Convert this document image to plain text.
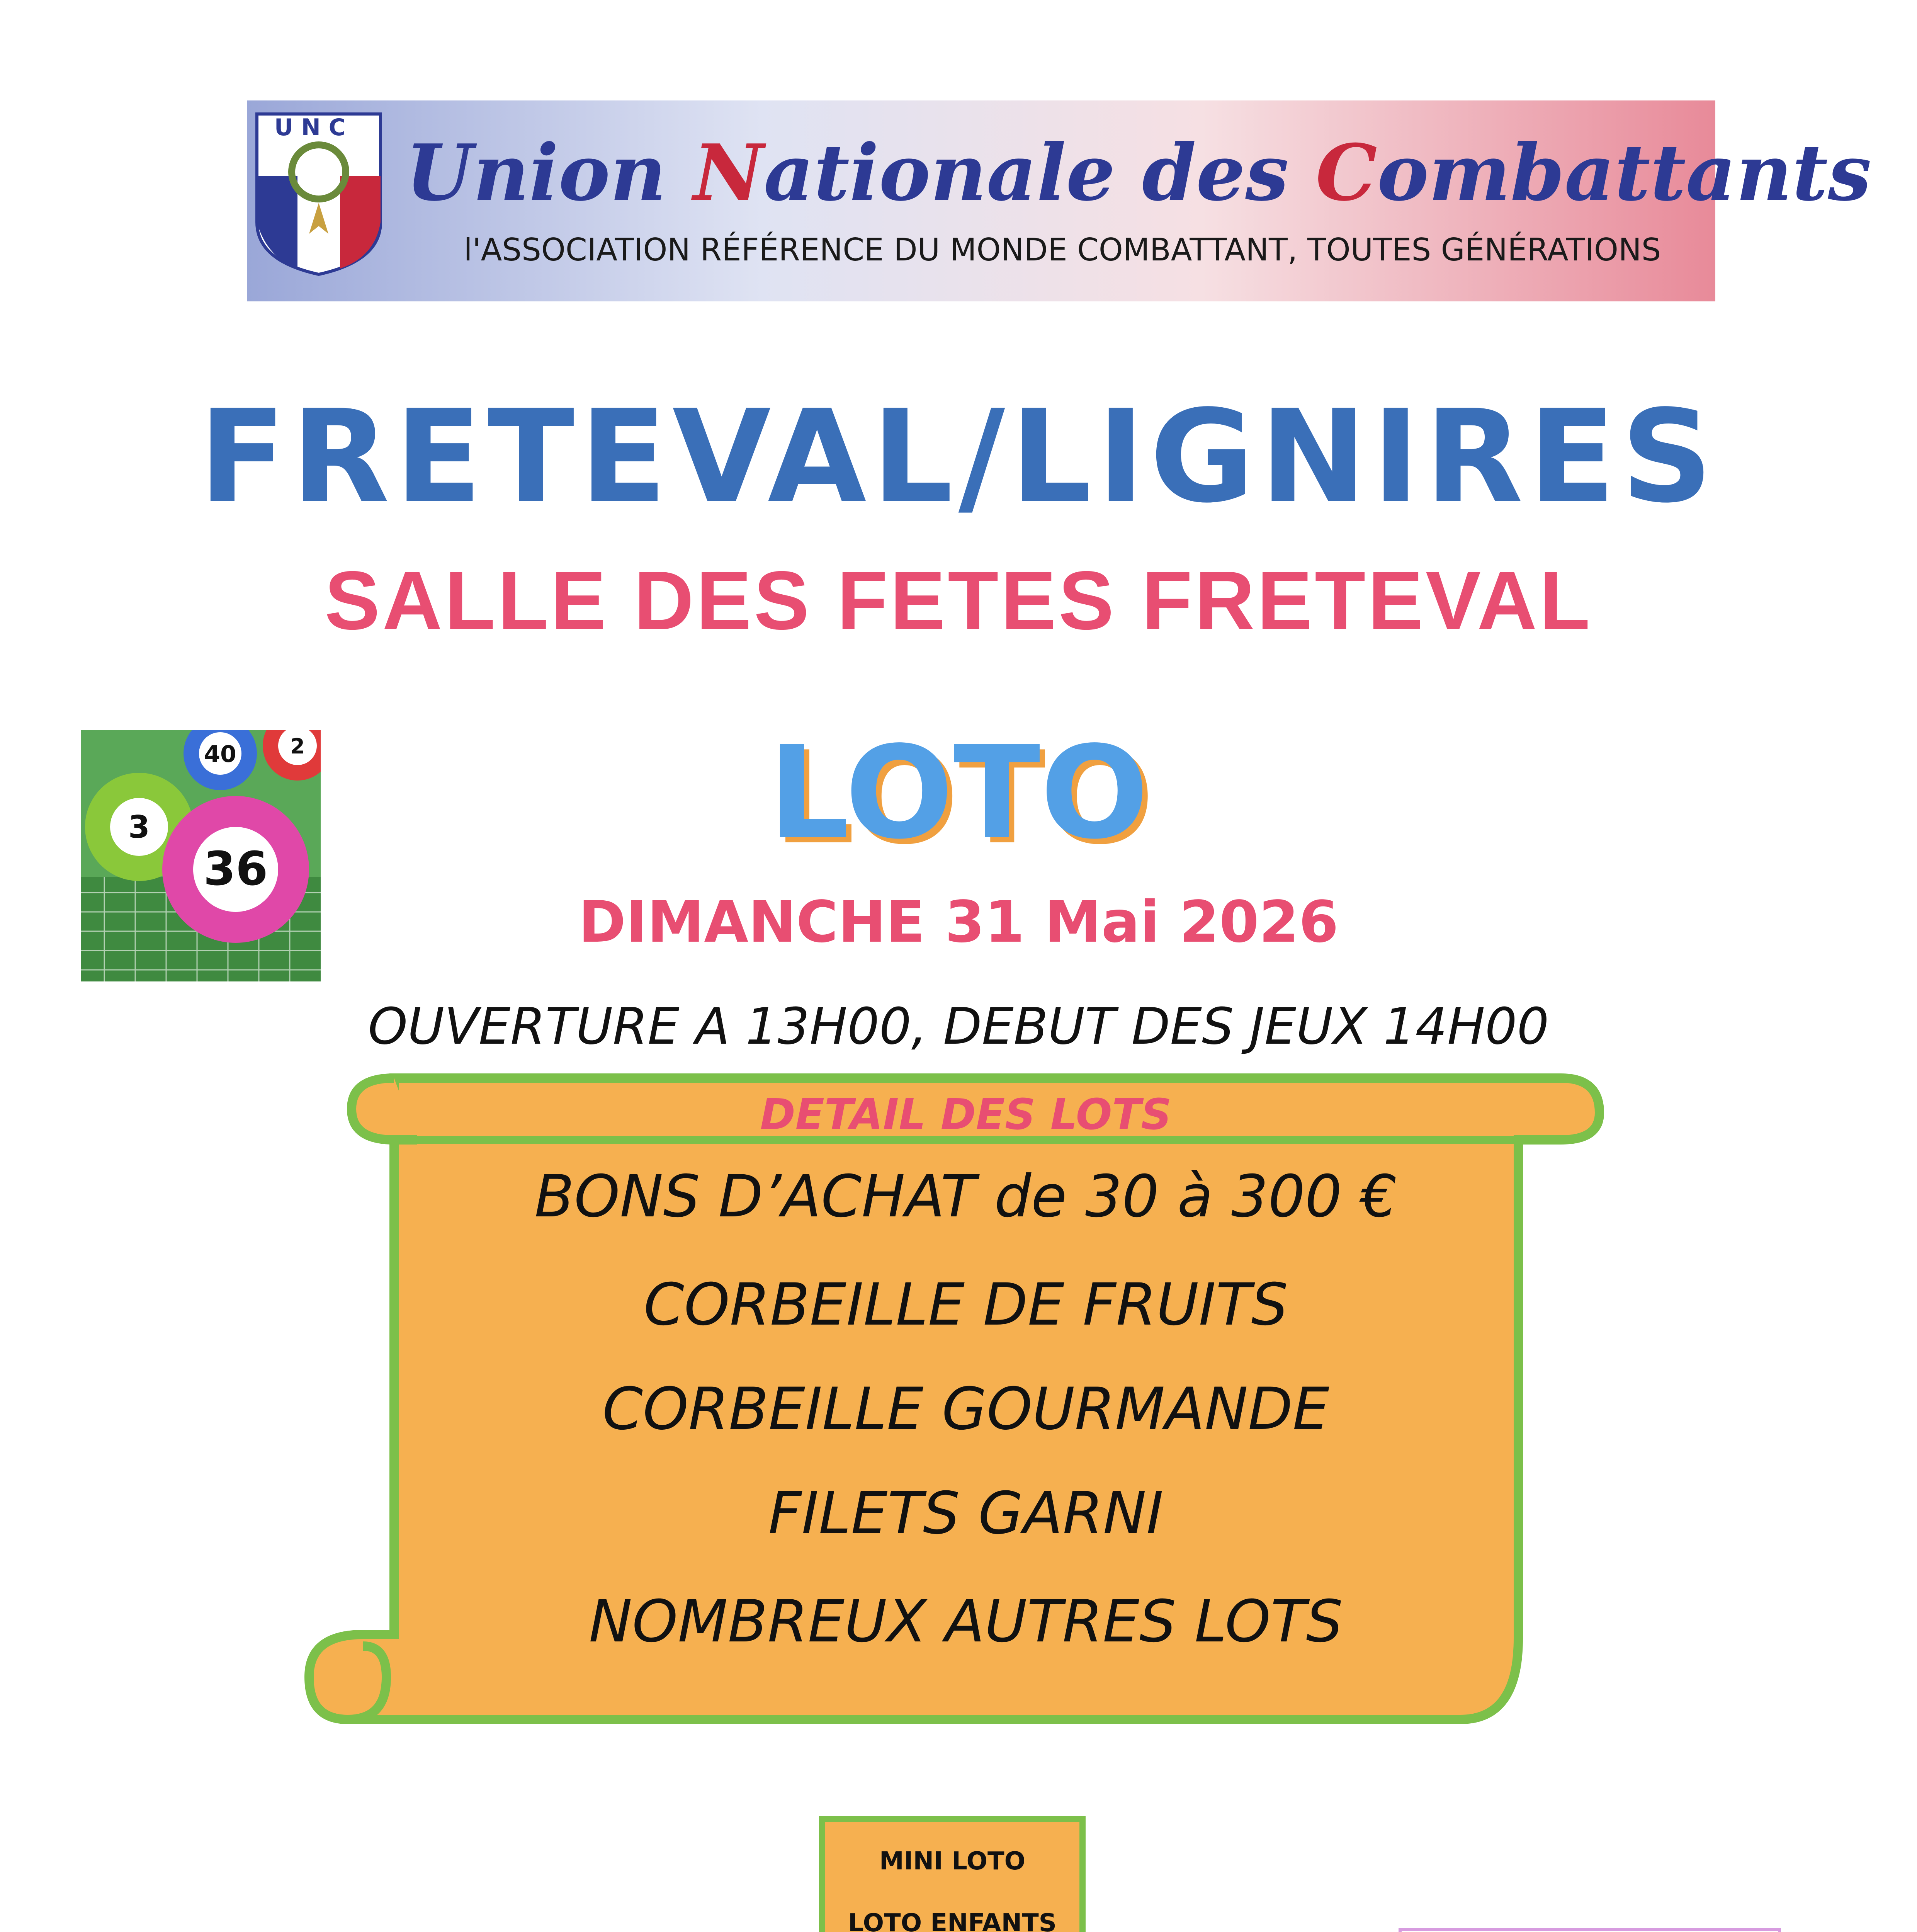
U N C Union Nationale des Combattants
l'ASSOCIATION RÉFÉRENCE DU MONDE COMBATTANT, TOUTES GÉNÉRATIONS
FRETEVAL/LIGNIRES
SALLE DES FETES FRETEVAL
LOTO
DIMANCHE 31 Mai 2026
OUVERTURE A 13H00, DEBUT DES JEUX 14H00
40	2
3
36
DETAIL DES LOTS
BONS D’ACHAT de 30 à 300 €
CORBEILLE DE FRUITS
CORBEILLE GOURMANDE
FILETS GARNI
NOMBREUX AUTRES LOTS
MINI LOTO
LOTO ENFANTS
